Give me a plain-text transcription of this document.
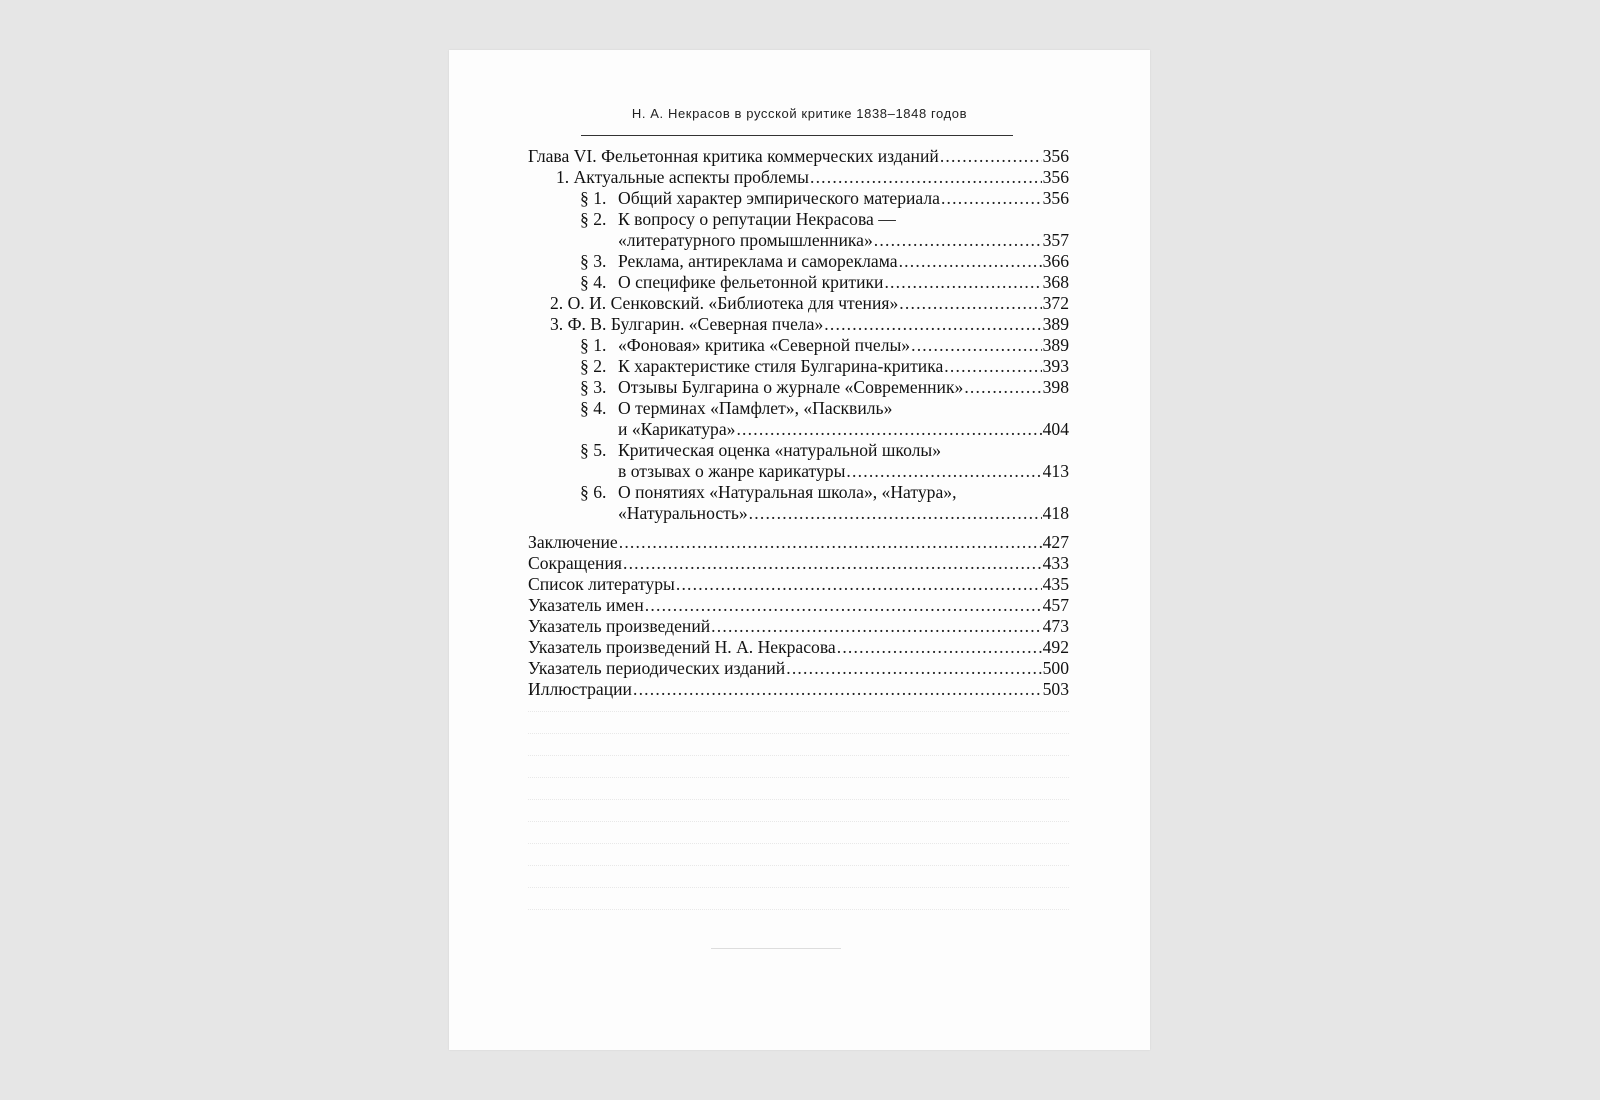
Н. А. Некрасов в русской критике 1838–1848 годов
Глава VI. Фельетонная критика коммерческих изданий .....	356
1. Актуальные аспекты проблемы .....	356
§ 1. Общий характер эмпирического материала .....	356
§ 2. К вопросу о репутации Некрасова —
«литературного промышленника» .....	357
§ 3. Реклама, антиреклама и самореклама .....	366
§ 4. О специфике фельетонной критики .....	368
2. О. И. Сенковский. «Библиотека для чтения» .....	372
3. Ф. В. Булгарин. «Северная пчела» .....	389
§ 1. «Фоновая» критика «Северной пчелы» .....	389
§ 2. К характеристике стиля Булгарина-критика .....	393
§ 3. Отзывы Булгарина о журнале «Современник» .....	398
§ 4. О терминах «Памфлет», «Пасквиль»
и «Карикатура» .....	404
§ 5. Критическая оценка «натуральной школы»
в отзывах о жанре карикатуры .....	413
§ 6. О понятиях «Натуральная школа», «Натура»,
«Натуральность» .....	418
Заключение .....	427
Сокращения .....	433
Список литературы .....	435
Указатель имен .....	457
Указатель произведений .....	473
Указатель произведений Н. А. Некрасова .....	492
Указатель периодических изданий .....	500
Иллюстрации .....	503
